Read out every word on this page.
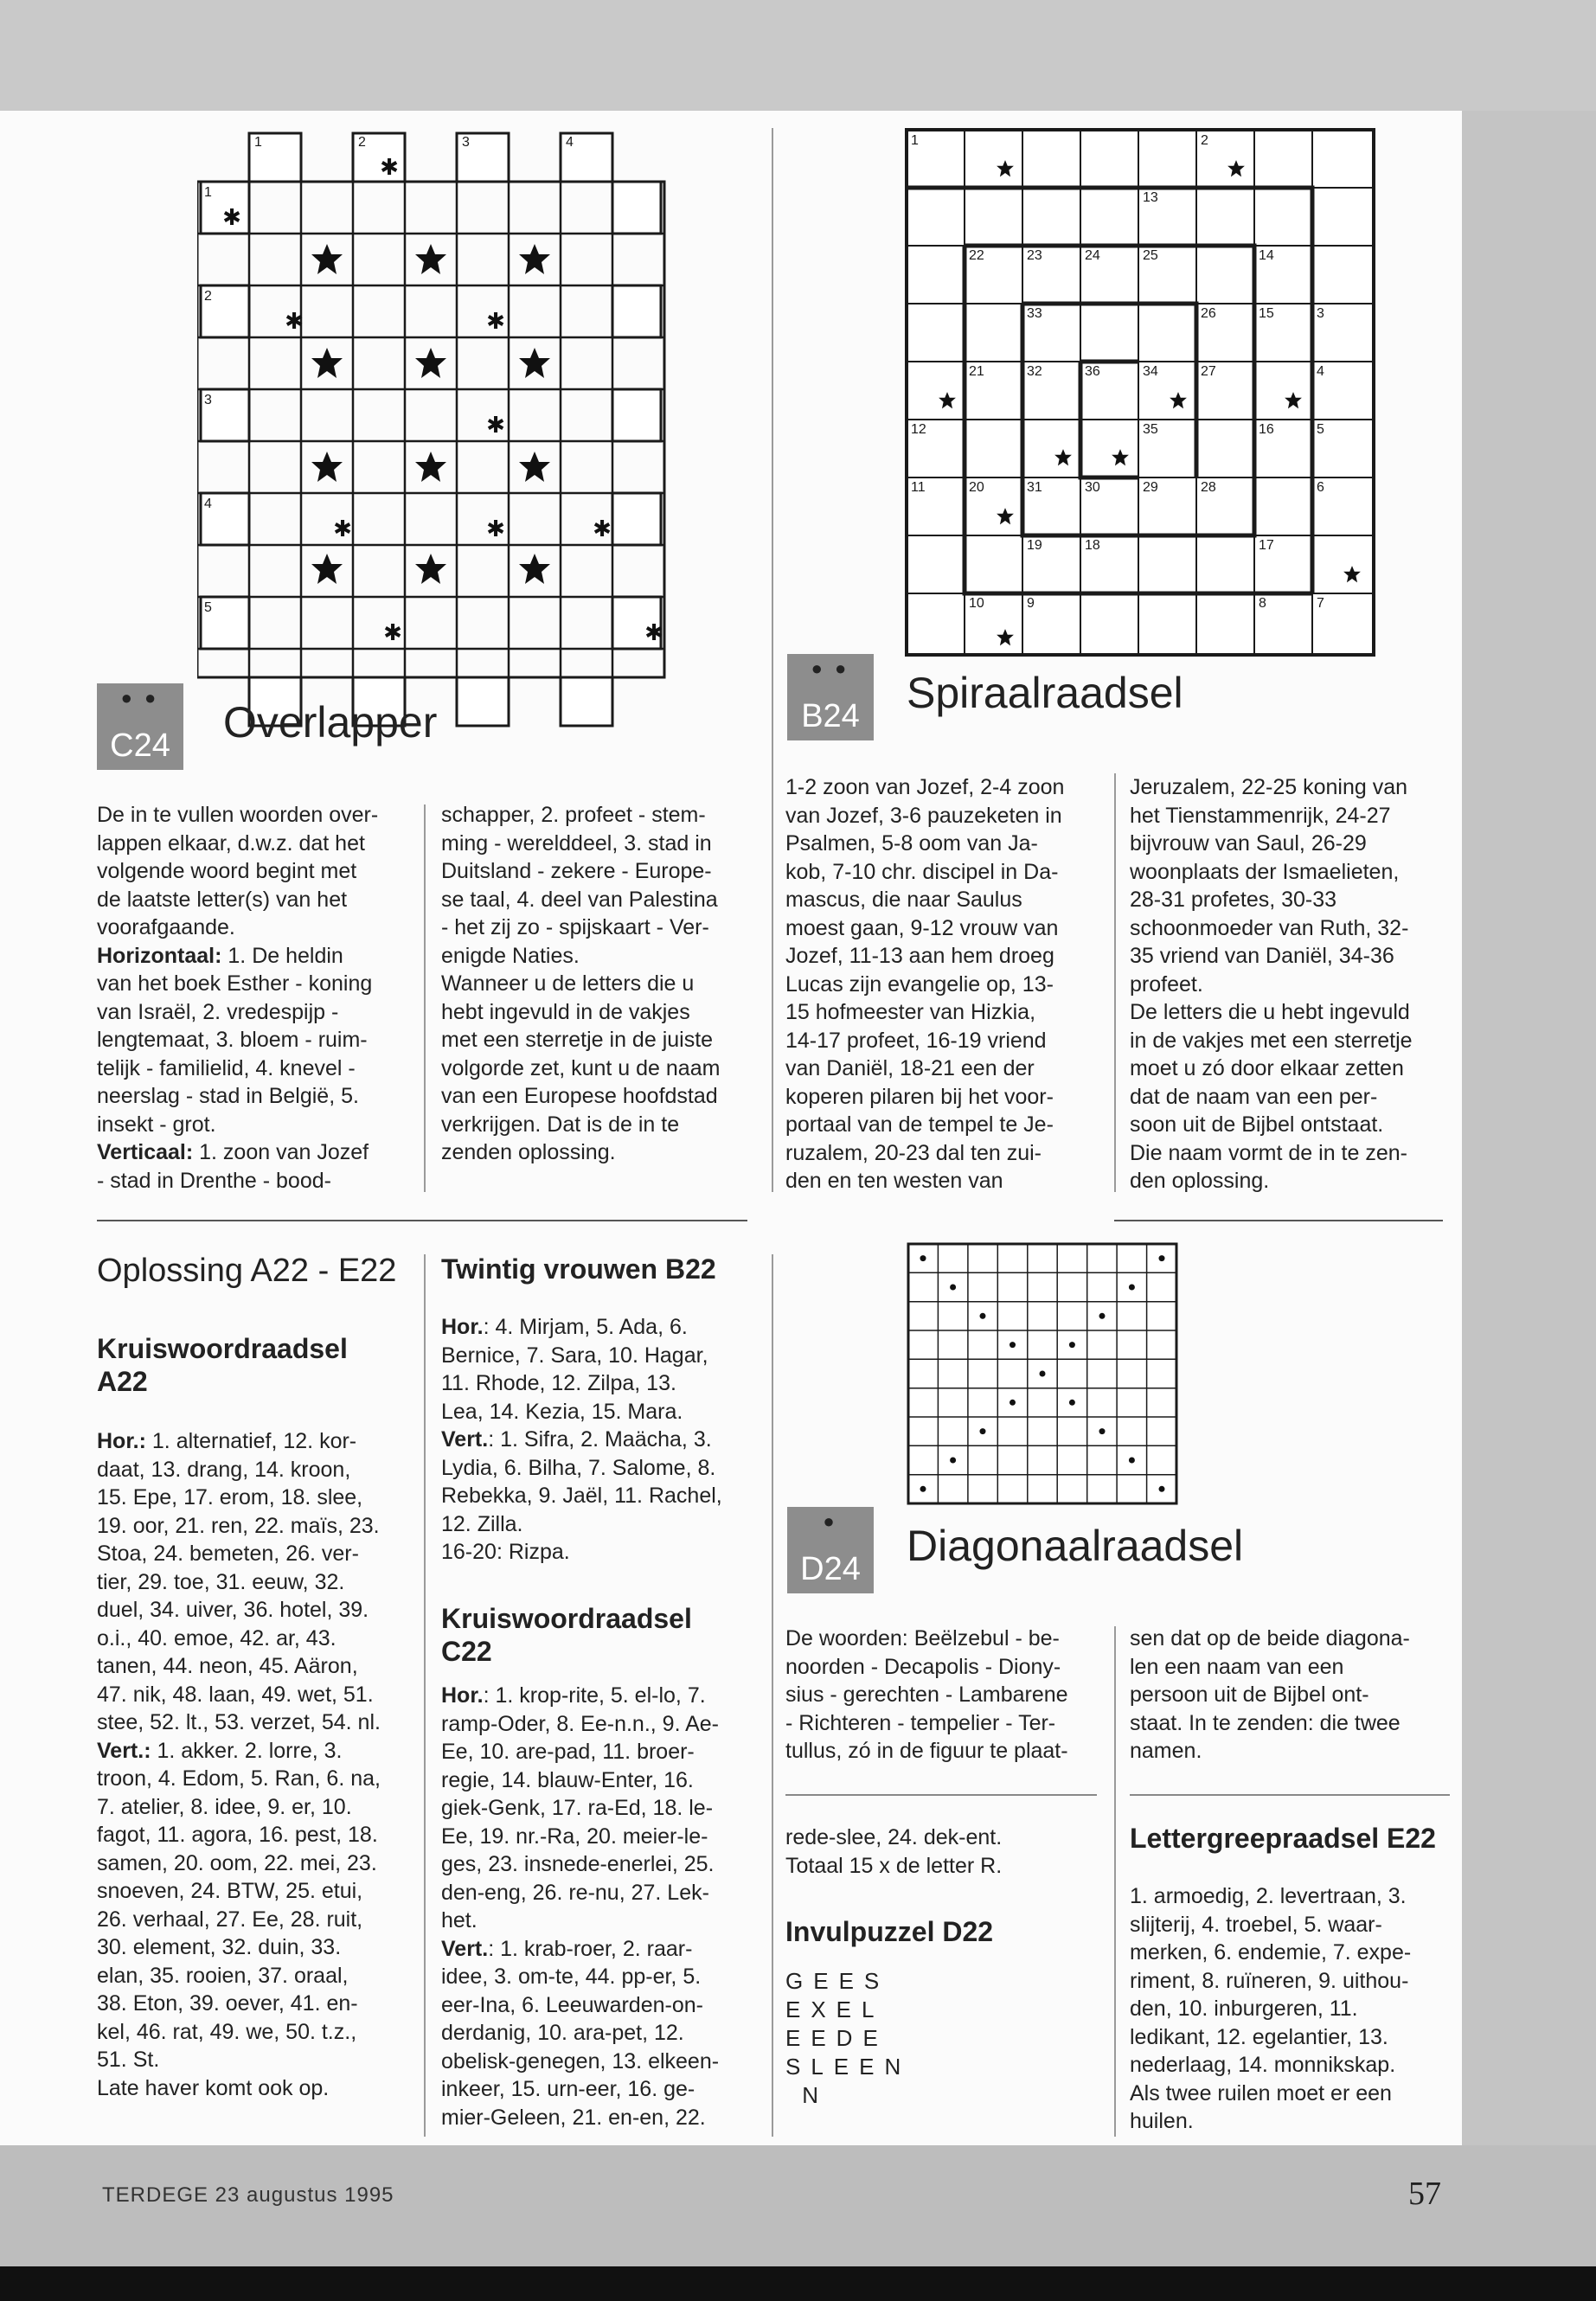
✱
✱
✱	✱
✱
✱	✱	✱
✱	✱
1	2	3	4
1
2
3
4
5
● ●
C24	Overlapper
De in te vullen woorden over-
lappen elkaar, d.w.z. dat het
volgende woord begint met
de laatste letter(s) van het
voorafgaande.
Horizontaal: 1. De heldin
van het boek Esther - koning
van Israël, 2. vredespijp -
lengtemaat, 3. bloem - ruim-
telijk - familielid, 4. knevel -
neerslag - stad in België, 5.
insekt - grot.
Verticaal: 1. zoon van Jozef
- stad in Drenthe - bood-
schapper, 2. profeet - stem-
ming - werelddeel, 3. stad in
Duitsland - zekere - Europe-
se taal, 4. deel van Palestina
- het zij zo - spijskaart - Ver-
enigde Naties.
Wanneer u de letters die u
hebt ingevuld in de vakjes
met een sterretje in de juiste
volgorde zet, kunt u de naam
van een Europese hoofdstad
verkrijgen. Dat is de in te
zenden oplossing.
1	2
13
22	23	24	25	14
33	26	15	3
21	32	36	34	27	4
12	35	16	5
11	20	31	30	29	28	6
19	18	17
10	9	8	7
● ●
B24	Spiraalraadsel
1-2 zoon van Jozef, 2-4 zoon
van Jozef, 3-6 pauzeketen in
Psalmen, 5-8 oom van Ja-
kob, 7-10 chr. discipel in Da-
mascus, die naar Saulus
moest gaan, 9-12 vrouw van
Jozef, 11-13 aan hem droeg
Lucas zijn evangelie op, 13-
15 hofmeester van Hizkia,
14-17 profeet, 16-19 vriend
van Daniël, 18-21 een der
koperen pilaren bij het voor-
portaal van de tempel te Je-
ruzalem, 20-23 dal ten zui-
den en ten westen van
Jeruzalem, 22-25 koning van
het Tienstammenrijk, 24-27
bijvrouw van Saul, 26-29
woonplaats der Ismaelieten,
28-31 profetes, 30-33
schoonmoeder van Ruth, 32-
35 vriend van Daniël, 34-36
profeet.
De letters die u hebt ingevuld
in de vakjes met een sterretje
moet u zó door elkaar zetten
dat de naam van een per-
soon uit de Bijbel ontstaat.
Die naam vormt de in te zen-
den oplossing.
Oplossing A22 - E22
Kruiswoordraadsel A22
Hor.: 1. alternatief, 12. kor-
daat, 13. drang, 14. kroon,
15. Epe, 17. erom, 18. slee,
19. oor, 21. ren, 22. maïs, 23.
Stoa, 24. bemeten, 26. ver-
tier, 29. toe, 31. eeuw, 32.
duel, 34. uiver, 36. hotel, 39.
o.i., 40. emoe, 42. ar, 43.
tanen, 44. neon, 45. Aäron,
47. nik, 48. laan, 49. wet, 51.
stee, 52. lt., 53. verzet, 54. nl.
Vert.: 1. akker. 2. lorre, 3.
troon, 4. Edom, 5. Ran, 6. na,
7. atelier, 8. idee, 9. er, 10.
fagot, 11. agora, 16. pest, 18.
samen, 20. oom, 22. mei, 23.
snoeven, 24. BTW, 25. etui,
26. verhaal, 27. Ee, 28. ruit,
30. element, 32. duin, 33.
elan, 35. rooien, 37. oraal,
38. Eton, 39. oever, 41. en-
kel, 46. rat, 49. we, 50. t.z.,
51. St.
Late haver komt ook op.
Twintig vrouwen B22
Hor.: 4. Mirjam, 5. Ada, 6.
Bernice, 7. Sara, 10. Hagar,
11. Rhode, 12. Zilpa, 13.
Lea, 14. Kezia, 15. Mara.
Vert.: 1. Sifra, 2. Maächa, 3.
Lydia, 6. Bilha, 7. Salome, 8.
Rebekka, 9. Jaël, 11. Rachel,
12. Zilla.
16-20: Rizpa.
Kruiswoordraadsel C22
Hor.: 1. krop-rite, 5. el-lo, 7.
ramp-Oder, 8. Ee-n.n., 9. Ae-
Ee, 10. are-pad, 11. broer-
regie, 14. blauw-Enter, 16.
giek-Genk, 17. ra-Ed, 18. le-
Ee, 19. nr.-Ra, 20. meier-le-
ges, 23. insnede-enerlei, 25.
den-eng, 26. re-nu, 27. Lek-
het.
Vert.: 1. krab-roer, 2. raar-
idee, 3. om-te, 44. pp-er, 5.
eer-Ina, 6. Leeuwarden-on-
derdanig, 10. ara-pet, 12.
obelisk-genegen, 13. elkeen-
inkeer, 15. urn-eer, 16. ge-
mier-Geleen, 21. en-en, 22.
●
D24	Diagonaalraadsel
De woorden: Beëlzebul - be-
noorden - Decapolis - Diony-
sius - gerechten - Lambarene
- Richteren - tempelier - Ter-
tullus, zó in de figuur te plaat-
sen dat op de beide diagona-
len een naam van een
persoon uit de Bijbel ont-
staat. In te zenden: die twee
namen.
rede-slee, 24. dek-ent.
Totaal 15 x de letter R.
Invulpuzzel D22
GEES
EXEL
EEDE
SLEEN
N
Lettergreepraadsel E22
1. armoedig, 2. levertraan, 3.
slijterij, 4. troebel, 5. waar-
merken, 6. endemie, 7. expe-
riment, 8. ruïneren, 9. uithou-
den, 10. inburgeren, 11.
ledikant, 12. egelantier, 13.
nederlaag, 14. monnikskap.
Als twee ruilen moet er een
huilen.
TERDEGE 23 augustus 1995	57
